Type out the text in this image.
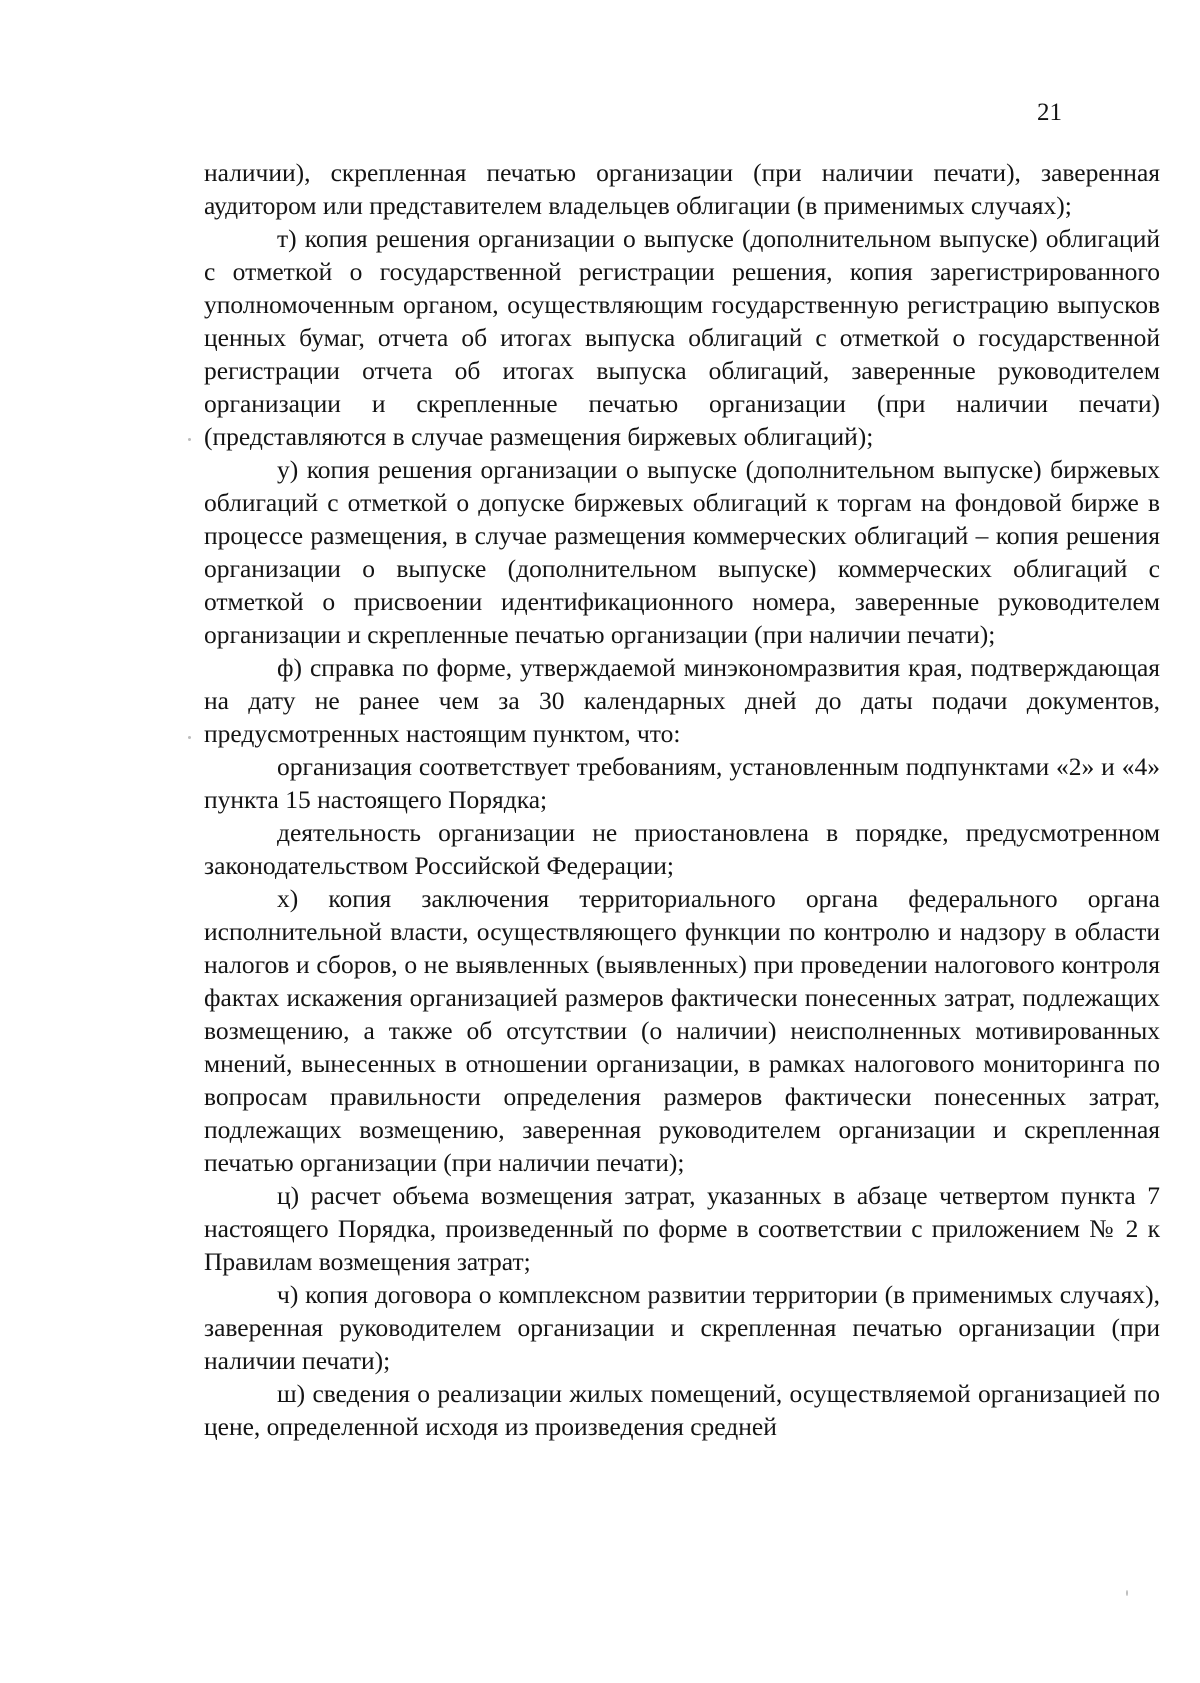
21

наличии), скрепленная печатью организации (при наличии печати), заверенная аудитором или представителем владельцев облигации (в применимых случаях);

т) копия решения организации о выпуске (дополнительном выпуске) облигаций с отметкой о государственной регистрации решения, копия зарегистрированного уполномоченным органом, осуществляющим государственную регистрацию выпусков ценных бумаг, отчета об итогах выпуска облигаций с отметкой о государственной регистрации отчета об итогах выпуска облигаций, заверенные руководителем организации и скрепленные печатью организации (при наличии печати) (представляются в случае размещения биржевых облигаций);

у) копия решения организации о выпуске (дополнительном выпуске) биржевых облигаций с отметкой о допуске биржевых облигаций к торгам на фондовой бирже в процессе размещения, в случае размещения коммерческих облигаций – копия решения организации о выпуске (дополнительном выпуске) коммерческих облигаций с отметкой о присвоении идентификационного номера, заверенные руководителем организации и скрепленные печатью организации (при наличии печати);

ф) справка по форме, утверждаемой минэкономразвития края, подтверждающая на дату не ранее чем за 30 календарных дней до даты подачи документов, предусмотренных настоящим пунктом, что:

организация соответствует требованиям, установленным подпунктами «2» и «4» пункта 15 настоящего Порядка;

деятельность организации не приостановлена в порядке, предусмотренном законодательством Российской Федерации;

х) копия заключения территориального органа федерального органа исполнительной власти, осуществляющего функции по контролю и надзору в области налогов и сборов, о не выявленных (выявленных) при проведении налогового контроля фактах искажения организацией размеров фактически понесенных затрат, подлежащих возмещению, а также об отсутствии (о наличии) неисполненных мотивированных мнений, вынесенных в отношении организации, в рамках налогового мониторинга по вопросам правильности определения размеров фактически понесенных затрат, подлежащих возмещению, заверенная руководителем организации и скрепленная печатью организации (при наличии печати);

ц) расчет объема возмещения затрат, указанных в абзаце четвертом пункта 7 настоящего Порядка, произведенный по форме в соответствии с приложением № 2 к Правилам возмещения затрат;

ч) копия договора о комплексном развитии территории (в применимых случаях), заверенная руководителем организации и скрепленная печатью организации (при наличии печати);

ш) сведения о реализации жилых помещений, осуществляемой организацией по цене, определенной исходя из произведения средней
